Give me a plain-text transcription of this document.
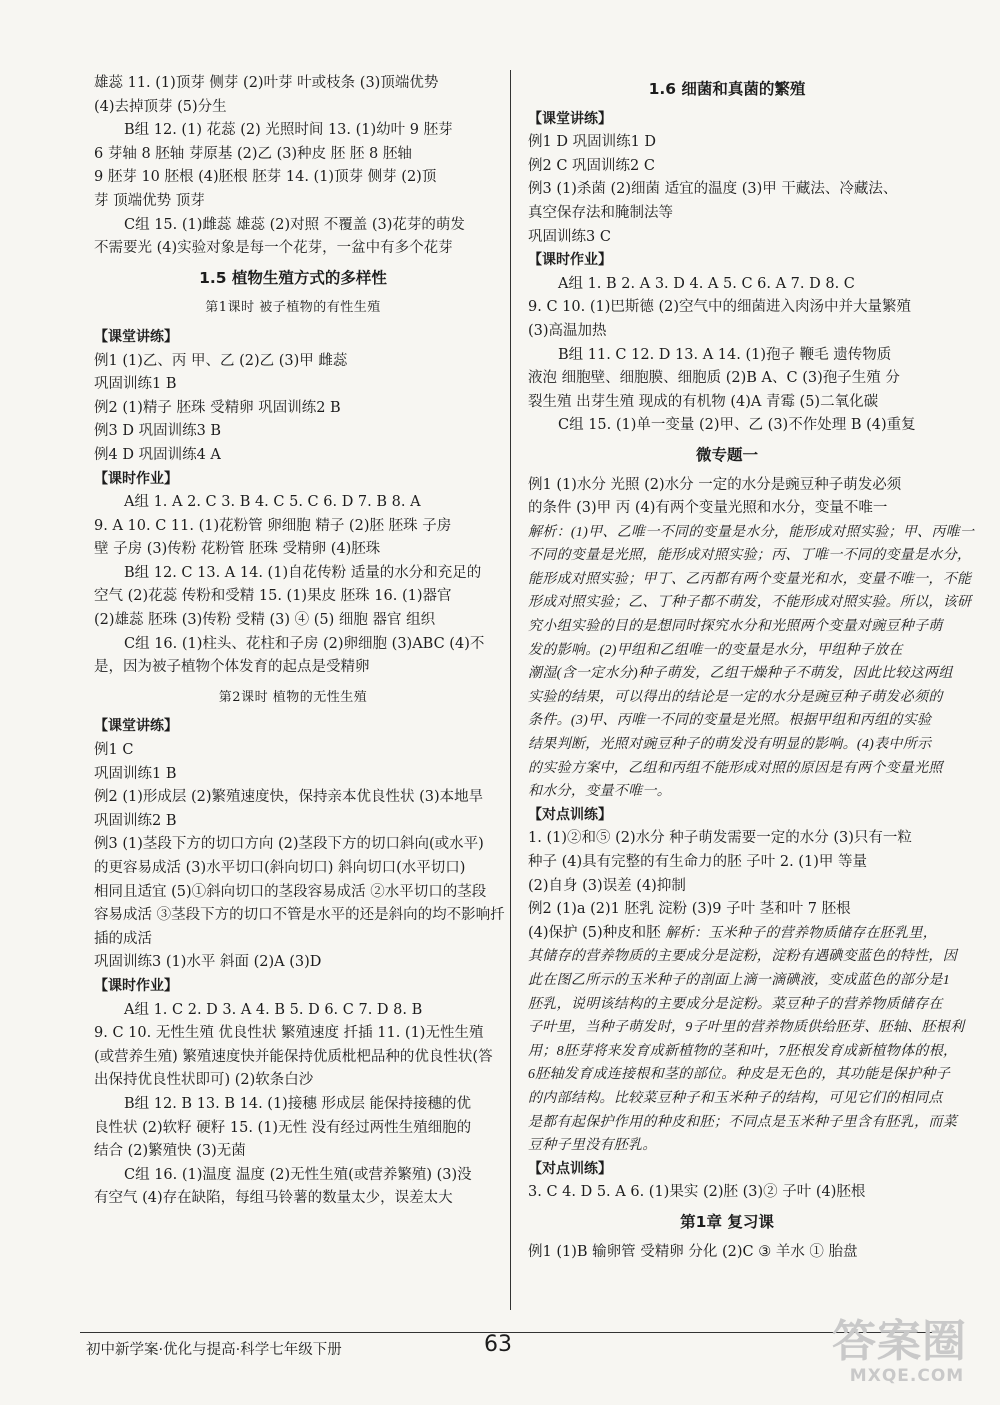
雄蕊 11. (1)顶芽 侧芽 (2)叶芽 叶或枝条 (3)顶端优势
(4)去掉顶芽 (5)分生
B组 12. (1) 花蕊 (2) 光照时间 13. (1)幼叶 9 胚芽
6 芽轴 8 胚轴 芽原基 (2)乙 (3)种皮 胚 胚 8 胚轴
9 胚芽 10 胚根 (4)胚根 胚芽 14. (1)顶芽 侧芽 (2)顶
芽 顶端优势 顶芽
C组 15. (1)雌蕊 雄蕊 (2)对照 不覆盖 (3)花芽的萌发
不需要光 (4)实验对象是每一个花芽，一盆中有多个花芽
1.5 植物生殖方式的多样性
第1课时 被子植物的有性生殖
【课堂讲练】
例1 (1)乙、丙 甲、乙 (2)乙 (3)甲 雌蕊
巩固训练1 B
例2 (1)精子 胚珠 受精卵 巩固训练2 B
例3 D 巩固训练3 B
例4 D 巩固训练4 A
【课时作业】
A组 1. A 2. C 3. B 4. C 5. C 6. D 7. B 8. A
9. A 10. C 11. (1)花粉管 卵细胞 精子 (2)胚 胚珠 子房
壁 子房 (3)传粉 花粉管 胚珠 受精卵 (4)胚珠
B组 12. C 13. A 14. (1)自花传粉 适量的水分和充足的
空气 (2)花蕊 传粉和受精 15. (1)果皮 胚珠 16. (1)器官
(2)雄蕊 胚珠 (3)传粉 受精 (3) ④ (5) 细胞 器官 组织
C组 16. (1)柱头、花柱和子房 (2)卵细胞 (3)ABC (4)不
是，因为被子植物个体发育的起点是受精卵
第2课时 植物的无性生殖
【课堂讲练】
例1 C
巩固训练1 B
例2 (1)形成层 (2)繁殖速度快，保持亲本优良性状 (3)本地旱
巩固训练2 B
例3 (1)茎段下方的切口方向 (2)茎段下方的切口斜向(或水平)
的更容易成活 (3)水平切口(斜向切口) 斜向切口(水平切口)
相同且适宜 (5)①斜向切口的茎段容易成活 ②水平切口的茎段
容易成活 ③茎段下方的切口不管是水平的还是斜向的均不影响扦
插的成活
巩固训练3 (1)水平 斜面 (2)A (3)D
【课时作业】
A组 1. C 2. D 3. A 4. B 5. D 6. C 7. D 8. B
9. C 10. 无性生殖 优良性状 繁殖速度 扦插 11. (1)无性生殖
(或营养生殖) 繁殖速度快并能保持优质枇杷品种的优良性状(答
出保持优良性状即可) (2)软条白沙
B组 12. B 13. B 14. (1)接穗 形成层 能保持接穗的优
良性状 (2)软籽 硬籽 15. (1)无性 没有经过两性生殖细胞的
结合 (2)繁殖快 (3)无菌
C组 16. (1)温度 温度 (2)无性生殖(或营养繁殖) (3)没
有空气 (4)存在缺陷，每组马铃薯的数量太少，误差太大
1.6 细菌和真菌的繁殖
【课堂讲练】
例1 D 巩固训练1 D
例2 C 巩固训练2 C
例3 (1)杀菌 (2)细菌 适宜的温度 (3)甲 干藏法、冷藏法、
真空保存法和腌制法等
巩固训练3 C
【课时作业】
A组 1. B 2. A 3. D 4. A 5. C 6. A 7. D 8. C
9. C 10. (1)巴斯德 (2)空气中的细菌进入肉汤中并大量繁殖
(3)高温加热
B组 11. C 12. D 13. A 14. (1)孢子 鞭毛 遗传物质
液泡 细胞壁、细胞膜、细胞质 (2)B A、C (3)孢子生殖 分
裂生殖 出芽生殖 现成的有机物 (4)A 青霉 (5)二氧化碳
C组 15. (1)单一变量 (2)甲、乙 (3)不作处理 B (4)重复
微专题一
例1 (1)水分 光照 (2)水分 一定的水分是豌豆种子萌发必须
的条件 (3)甲 丙 (4)有两个变量光照和水分，变量不唯一
解析：(1)甲、乙唯一不同的变量是水分，能形成对照实验；甲、丙唯一
不同的变量是光照，能形成对照实验；丙、丁唯一不同的变量是水分，
能形成对照实验；甲丁、乙丙都有两个变量光和水，变量不唯一，不能
形成对照实验；乙、丁种子都不萌发，不能形成对照实验。所以，该研
究小组实验的目的是想同时探究水分和光照两个变量对豌豆种子萌
发的影响。(2)甲组和乙组唯一的变量是水分，甲组种子放在
潮湿(含一定水分)种子萌发，乙组干燥种子不萌发，因此比较这两组
实验的结果，可以得出的结论是一定的水分是豌豆种子萌发必须的
条件。(3)甲、丙唯一不同的变量是光照。根据甲组和丙组的实验
结果判断，光照对豌豆种子的萌发没有明显的影响。(4)表中所示
的实验方案中，乙组和丙组不能形成对照的原因是有两个变量光照
和水分，变量不唯一。
【对点训练】
1. (1)②和⑤ (2)水分 种子萌发需要一定的水分 (3)只有一粒
种子 (4)具有完整的有生命力的胚 子叶 2. (1)甲 等量
(2)自身 (3)误差 (4)抑制
例2 (1)a (2)1 胚乳 淀粉 (3)9 子叶 茎和叶 7 胚根
(4)保护 (5)种皮和胚 解析：玉米种子的营养物质储存在胚乳里，
其储存的营养物质的主要成分是淀粉，淀粉有遇碘变蓝色的特性，因
此在图乙所示的玉米种子的剖面上滴一滴碘液，变成蓝色的部分是1
胚乳，说明该结构的主要成分是淀粉。菜豆种子的营养物质储存在
子叶里，当种子萌发时，9子叶里的营养物质供给胚芽、胚轴、胚根利
用；8胚芽将来发育成新植物的茎和叶，7胚根发育成新植物体的根，
6胚轴发育成连接根和茎的部位。种皮是无色的，其功能是保护种子
的内部结构。比较菜豆种子和玉米种子的结构，可见它们的相同点
是都有起保护作用的种皮和胚；不同点是玉米种子里含有胚乳，而菜
豆种子里没有胚乳。
【对点训练】
3. C 4. D 5. A 6. (1)果实 (2)胚 (3)② 子叶 (4)胚根
第1章 复习课
例1 (1)B 输卵管 受精卵 分化 (2)C ③ 羊水 ① 胎盘
初中新学案·优化与提高·科学七年级下册	63	答案圈
MXQE.COM
